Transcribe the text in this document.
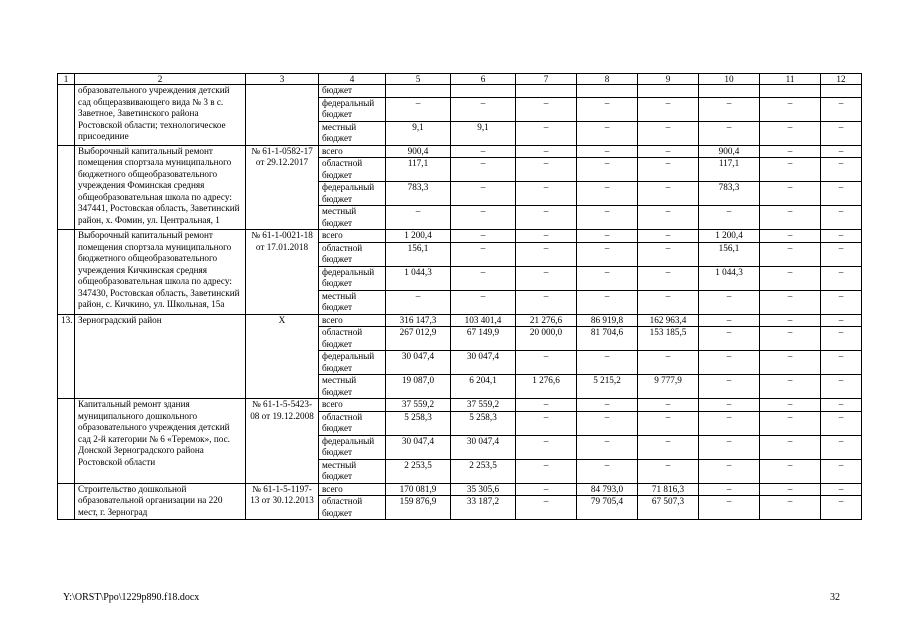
1	2	3	4	5	6	7	8	9	10	11	12
	образовательного учреждения детский сад общеразвивающего вида № 3 в с. Заветное, Заветинского района Ростовской области; технологическое присоединие		бюджет								
			федеральный бюджет	–	–	–	–	–	–	–	–
			местный бюджет	9,1	9,1	–	–	–	–	–	–
	Выборочный капитальный ремонт помещения спортзала муниципального бюджетного общеобразовательного учреждения Фоминская средняя общеобразовательная школа по адресу: 347441, Ростовская область, Заветинский район, х. Фомин, ул. Центральная, 1	№ 61-1-0582-17 от 29.12.2017	всего	900,4	–	–	–	–	900,4	–	–
			областной бюджет	117,1	–	–	–	–	117,1	–	–
			федеральный бюджет	783,3	–	–	–	–	783,3	–	–
			местный бюджет	–	–	–	–	–	–	–	–
	Выборочный капитальный ремонт помещения спортзала муниципального бюджетного общеобразовательного учреждения Кичкинская средняя общеобразовательная школа по адресу: 347430, Ростовская область, Заветинский район, с. Кичкино, ул. Школьная, 15а	№ 61-1-0021-18 от 17.01.2018	всего	1 200,4	–	–	–	–	1 200,4	–	–
			областной бюджет	156,1	–	–	–	–	156,1	–	–
			федеральный бюджет	1 044,3	–	–	–	–	1 044,3	–	–
			местный бюджет	–	–	–	–	–	–	–	–
13.	Зерноградский район	X	всего	316 147,3	103 401,4	21 276,6	86 919,8	162 963,4	–	–	–
			областной бюджет	267 012,9	67 149,9	20 000,0	81 704,6	153 185,5	–	–	–
			федеральный бюджет	30 047,4	30 047,4	–	–	–	–	–	–
			местный бюджет	19 087,0	6 204,1	1 276,6	5 215,2	9 777,9	–	–	–
	Капитальный ремонт здания муниципального дошкольного образовательного учреждения детский сад 2-й категории № 6 «Теремок», пос. Донской Зерноградского района Ростовской области	№ 61-1-5-5423-08 от 19.12.2008	всего	37 559,2	37 559,2	–	–	–	–	–	–
			областной бюджет	5 258,3	5 258,3	–	–	–	–	–	–
			федеральный бюджет	30 047,4	30 047,4	–	–	–	–	–	–
			местный бюджет	2 253,5	2 253,5	–	–	–	–	–	–
	Строительство дошкольной образовательной организации на 220 мест, г. Зерноград	№ 61-1-5-1197-13 от 30.12.2013	всего	170 081,9	35 305,6	–	84 793,0	71 816,3	–	–	–
			областной бюджет	159 876,9	33 187,2	–	79 705,4	67 507,3	–	–	–
Y:\ORST\Ppo\1229p890.f18.docx	32
